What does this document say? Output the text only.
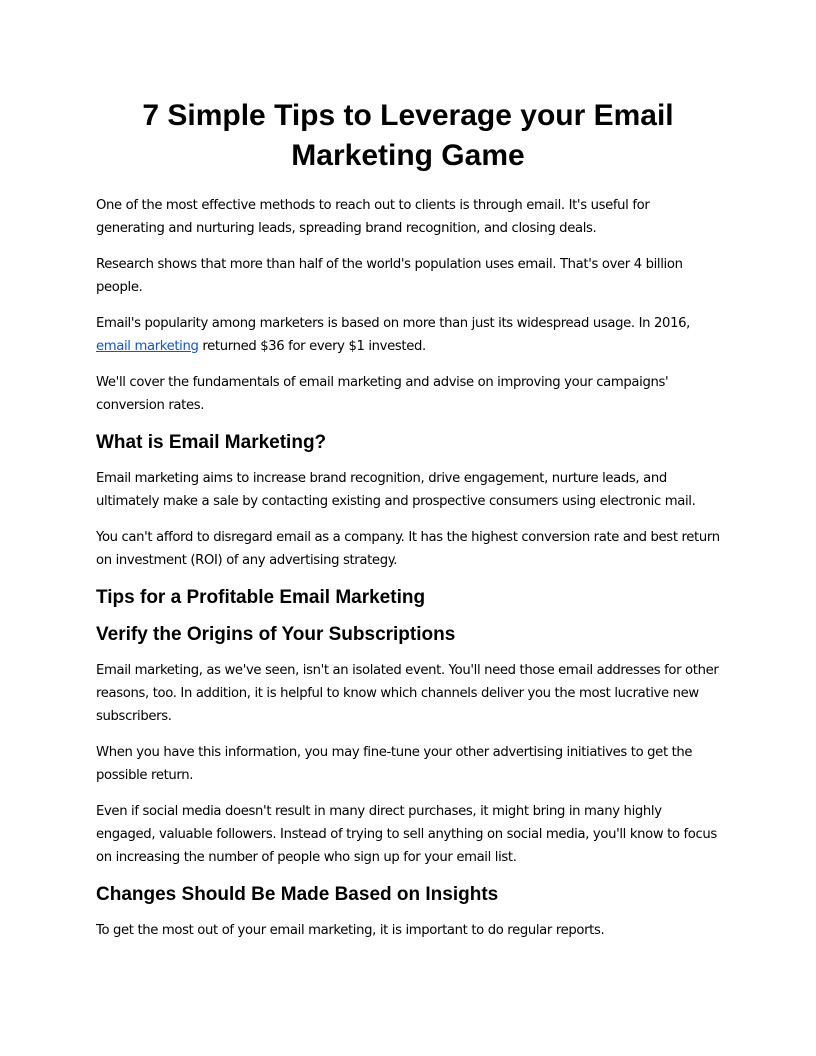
7 Simple Tips to Leverage your Email Marketing Game

One of the most effective methods to reach out to clients is through email. It's useful for generating and nurturing leads, spreading brand recognition, and closing deals.

Research shows that more than half of the world's population uses email. That's over 4 billion people.

Email's popularity among marketers is based on more than just its widespread usage. In 2016, email marketing returned $36 for every $1 invested.

We'll cover the fundamentals of email marketing and advise on improving your campaigns' conversion rates.

What is Email Marketing?

Email marketing aims to increase brand recognition, drive engagement, nurture leads, and ultimately make a sale by contacting existing and prospective consumers using electronic mail.

You can't afford to disregard email as a company. It has the highest conversion rate and best return on investment (ROI) of any advertising strategy.

Tips for a Profitable Email Marketing
Verify the Origins of Your Subscriptions

Email marketing, as we've seen, isn't an isolated event. You'll need those email addresses for other reasons, too. In addition, it is helpful to know which channels deliver you the most lucrative new subscribers.

When you have this information, you may fine-tune your other advertising initiatives to get the possible return.

Even if social media doesn't result in many direct purchases, it might bring in many highly engaged, valuable followers. Instead of trying to sell anything on social media, you'll know to focus on increasing the number of people who sign up for your email list.

Changes Should Be Made Based on Insights

To get the most out of your email marketing, it is important to do regular reports.
